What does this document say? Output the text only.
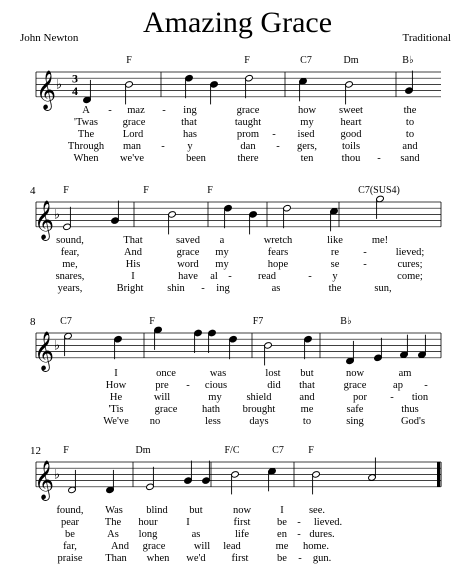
Amazing Grace
John Newton	Traditional
𝄞 ♭ 3
4
F	F	C7	Dm	B♭
A - maz - ing	grace	how sweet	the
'Twas grace	that	taught	my	heart	to
The	Lord	has	prom - ised good	to
Through man - y	dan - gers, toils	and
When we've	been	there	ten	thou - sand
𝄞 ♭
4	F	F	F	C7(SUS4)
sound,	That	saved a	wretch	like	me!
fear,	And	grace my	fears	re -	lieved;
me,	His	word my	hope	se -	cures;
snares,	I	have al - read	- y	come;
years,	Bright shin - ing	as	the	sun,
𝄞 ♭
8 C7	F	F7	B♭
I	once	was	lost but	now	am
How	pre - cious	did that	grace	ap -
He	will	my shield	and	por - tion
'Tis	grace hath brought me	safe	thus
We've no	less	days	to	sing	God's
𝄞 ♭
12 F	Dm	F/C	C7 F
found, Was blind but	now	I see.
pear The hour	I	first	be - lieved.
be	As long	as	life	en - dures.
far,	And grace	will lead	me home.
praise Than when we'd first	be - gun.
